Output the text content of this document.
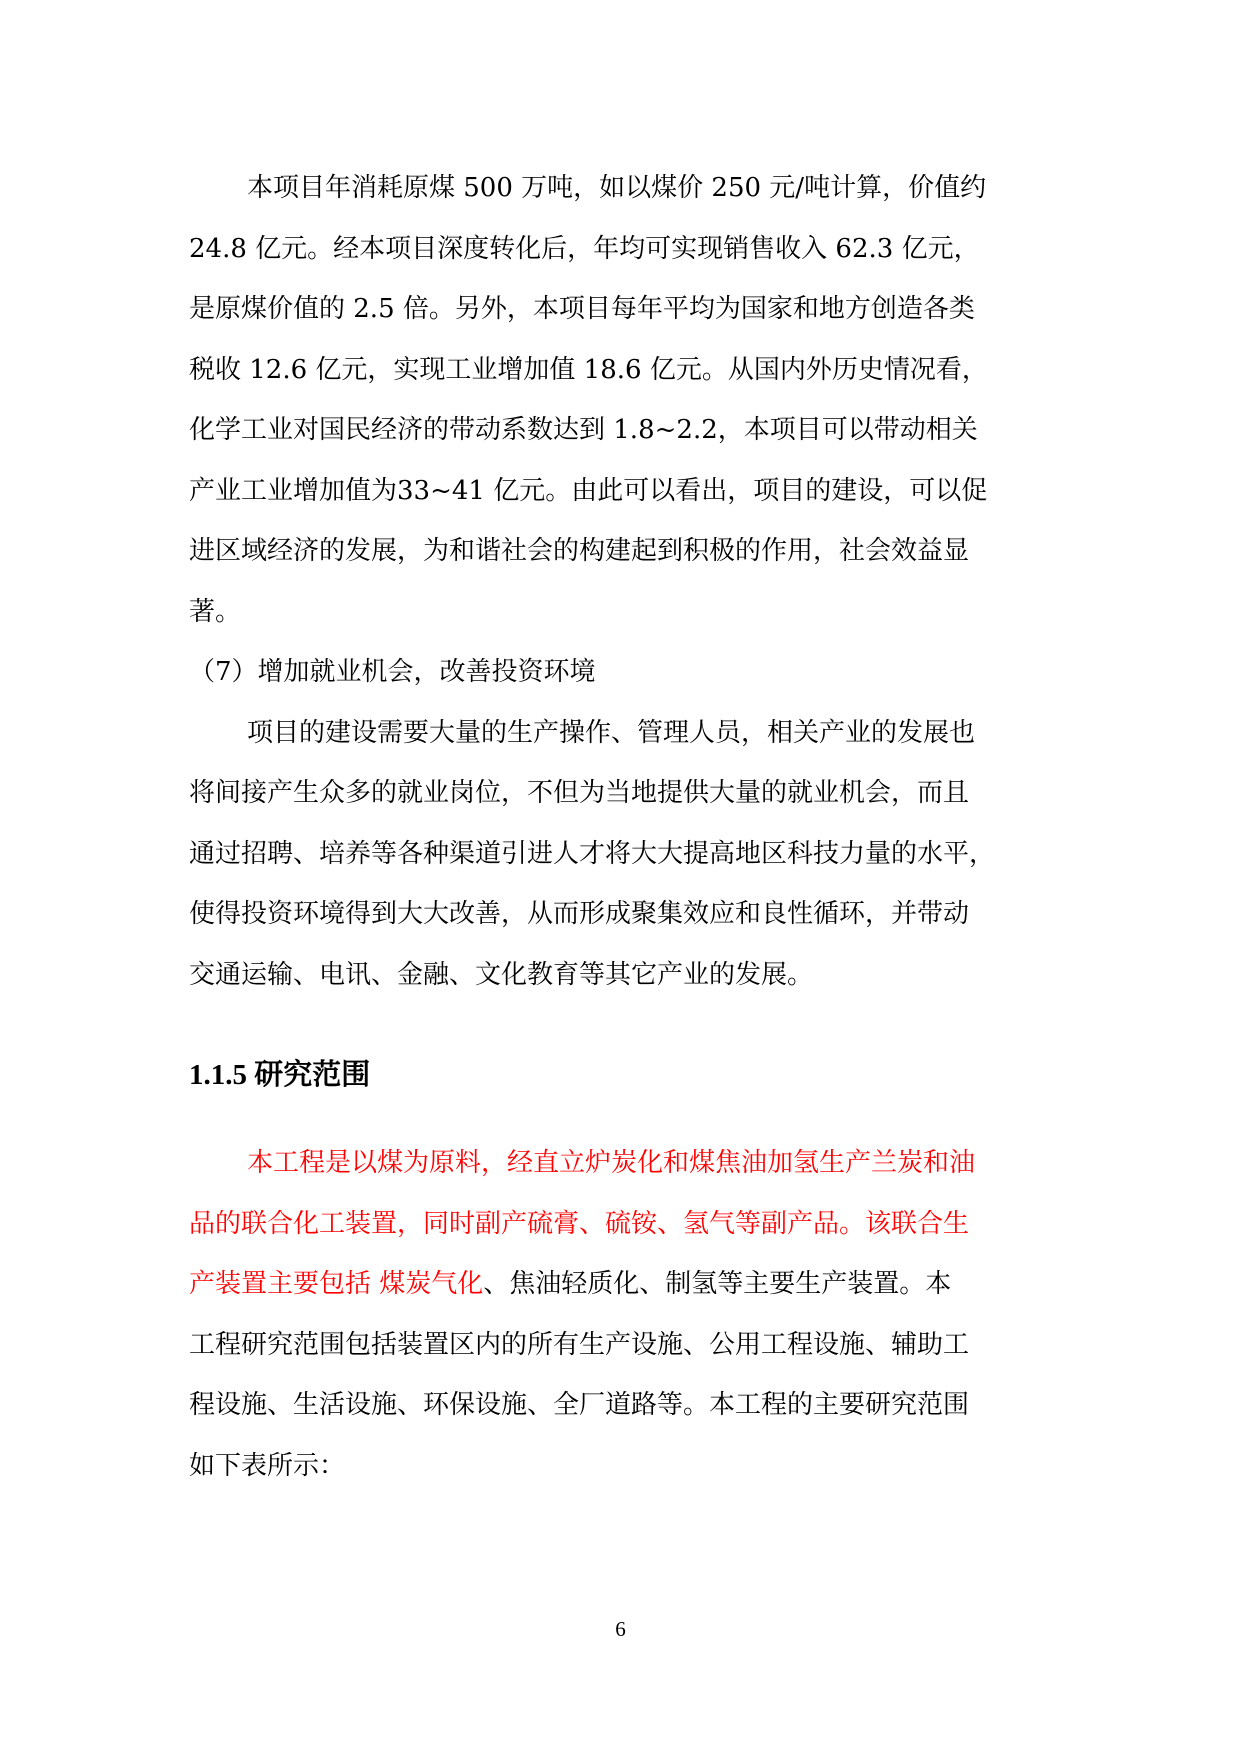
本项目年消耗原煤 500 万吨，如以煤价 250 元/吨计算，价值约
24.8 亿元。经本项目深度转化后，年均可实现销售收入 62.3 亿元，
是原煤价值的 2.5 倍。另外，本项目每年平均为国家和地方创造各类
税收 12.6 亿元，实现工业增加值 18.6 亿元。从国内外历史情况看，
化学工业对国民经济的带动系数达到 1.8~2.2，本项目可以带动相关
产业工业增加值为33~41 亿元。由此可以看出，项目的建设，可以促
进区域经济的发展，为和谐社会的构建起到积极的作用，社会效益显
著。

（7）增加就业机会，改善投资环境

项目的建设需要大量的生产操作、管理人员，相关产业的发展也
将间接产生众多的就业岗位，不但为当地提供大量的就业机会，而且
通过招聘、培养等各种渠道引进人才将大大提高地区科技力量的水平，
使得投资环境得到大大改善，从而形成聚集效应和良性循环，并带动
交通运输、电讯、金融、文化教育等其它产业的发展。

1.1.5 研究范围

本工程是以煤为原料，经直立炉炭化和煤焦油加氢生产兰炭和油
品的联合化工装置，同时副产硫膏、硫铵、氢气等副产品。该联合生
产装置主要包括 煤炭气化、焦油轻质化、制氢等主要生产装置。本
工程研究范围包括装置区内的所有生产设施、公用工程设施、辅助工
程设施、生活设施、环保设施、全厂道路等。本工程的主要研究范围
如下表所示：

6
